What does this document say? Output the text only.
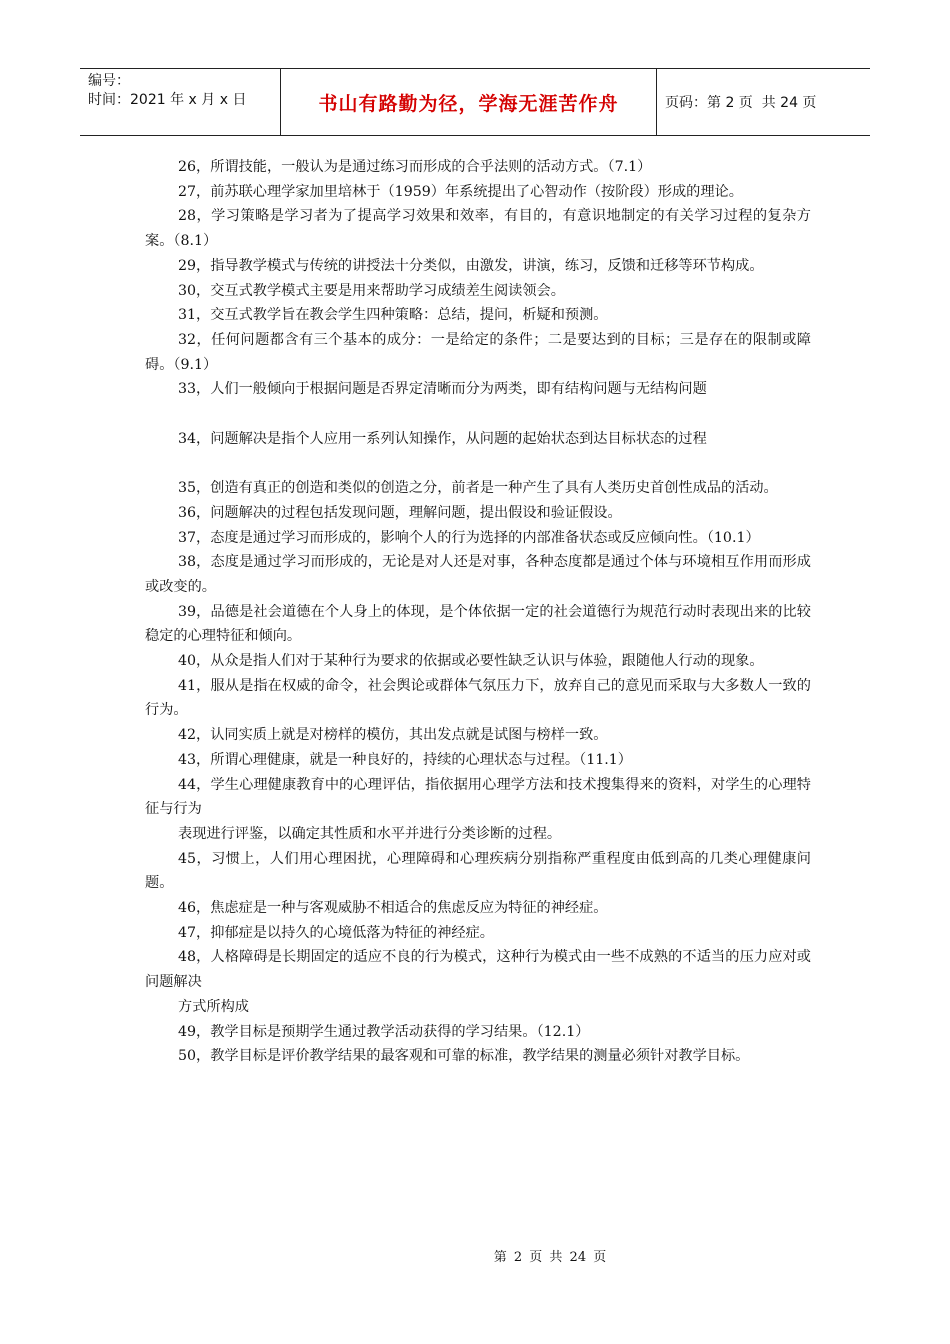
编号：
时间：2021 年 x 月 x 日	书山有路勤为径，学海无涯苦作舟	页码：第 2 页  共 24 页

26，所谓技能，一般认为是通过练习而形成的合乎法则的活动方式。（7.1）

27，前苏联心理学家加里培林于（1959）年系统提出了心智动作（按阶段）形成的理论。

28，学习策略是学习者为了提高学习效果和效率，有目的，有意识地制定的有关学习过程的复杂方案。（8.1）

29，指导教学模式与传统的讲授法十分类似，由激发，讲演，练习，反馈和迁移等环节构成。

30，交互式教学模式主要是用来帮助学习成绩差生阅读领会。

31，交互式教学旨在教会学生四种策略：总结，提问，析疑和预测。

32，任何问题都含有三个基本的成分：一是给定的条件；二是要达到的目标；三是存在的限制或障碍。（9.1）

33，人们一般倾向于根据问题是否界定清晰而分为两类，即有结构问题与无结构问题

34，问题解决是指个人应用一系列认知操作，从问题的起始状态到达目标状态的过程

35，创造有真正的创造和类似的创造之分，前者是一种产生了具有人类历史首创性成品的活动。

36，问题解决的过程包括发现问题，理解问题，提出假设和验证假设。

37，态度是通过学习而形成的，影响个人的行为选择的内部准备状态或反应倾向性。（10.1）

38，态度是通过学习而形成的，无论是对人还是对事，各种态度都是通过个体与环境相互作用而形成或改变的。

39，品德是社会道德在个人身上的体现，是个体依据一定的社会道德行为规范行动时表现出来的比较稳定的心理特征和倾向。

40，从众是指人们对于某种行为要求的依据或必要性缺乏认识与体验，跟随他人行动的现象。

41，服从是指在权威的命令，社会舆论或群体气氛压力下，放弃自己的意见而采取与大多数人一致的行为。

42，认同实质上就是对榜样的模仿，其出发点就是试图与榜样一致。

43，所谓心理健康，就是一种良好的，持续的心理状态与过程。（11.1）

44，学生心理健康教育中的心理评估，指依据用心理学方法和技术搜集得来的资料，对学生的心理特征与行为

表现进行评鉴，以确定其性质和水平并进行分类诊断的过程。

45，习惯上，人们用心理困扰，心理障碍和心理疾病分别指称严重程度由低到高的几类心理健康问题。

46，焦虑症是一种与客观威胁不相适合的焦虑反应为特征的神经症。

47，抑郁症是以持久的心境低落为特征的神经症。

48，人格障碍是长期固定的适应不良的行为模式，这种行为模式由一些不成熟的不适当的压力应对或问题解决

方式所构成

49，教学目标是预期学生通过教学活动获得的学习结果。（12.1）

50，教学目标是评价教学结果的最客观和可靠的标准，教学结果的测量必须针对教学目标。

第 2 页 共 24 页
